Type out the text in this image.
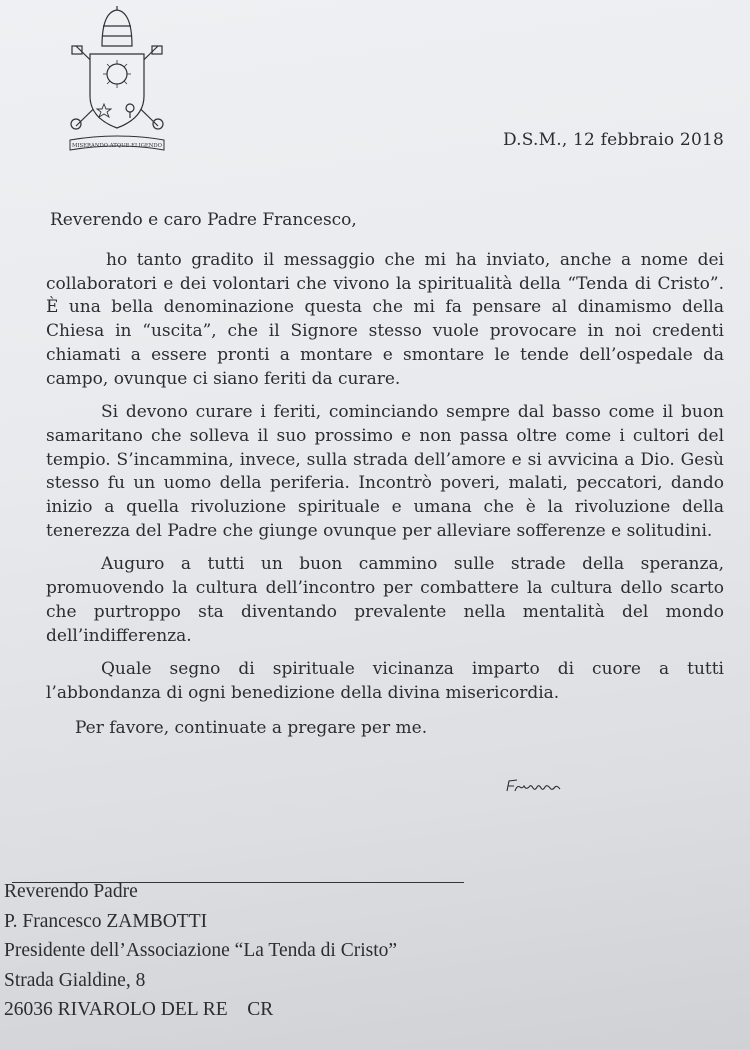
MISERANDO ATQUE ELIGENDO	D.S.M., 12 febbraio 2018
Reverendo e caro Padre Francesco,

ho tanto gradito il messaggio che mi ha inviato, anche a nome dei collaboratori e dei volontari che vivono la spiritualità della “Tenda di Cristo”. È una bella denominazione questa che mi fa pensare al dinamismo della Chiesa in “uscita”, che il Signore stesso vuole provocare in noi credenti chiamati a essere pronti a montare e smontare le tende dell’ospedale da campo, ovunque ci siano feriti da curare.

Si devono curare i feriti, cominciando sempre dal basso come il buon samaritano che solleva il suo prossimo e non passa oltre come i cultori del tempio. S’incammina, invece, sulla strada dell’amore e si avvicina a Dio. Gesù stesso fu un uomo della periferia. Incontrò poveri, malati, peccatori, dando inizio a quella rivoluzione spirituale e umana che è la rivoluzione della tenerezza del Padre che giunge ovunque per alleviare sofferenze e solitudini.

Auguro a tutti un buon cammino sulle strade della speranza, promuovendo la cultura dell’incontro per combattere la cultura dello scarto che purtroppo sta diventando prevalente nella mentalità del mondo dell’indifferenza.

Quale segno di spirituale vicinanza imparto di cuore a tutti l’abbondanza di ogni benedizione della divina misericordia.

Per favore, continuate a pregare per me.
Reverendo Padre
P. Francesco ZAMBOTTI
Presidente dell’Associazione “La Tenda di Cristo”
Strada Gialdine, 8
26036 RIVAROLO DEL RE    CR
